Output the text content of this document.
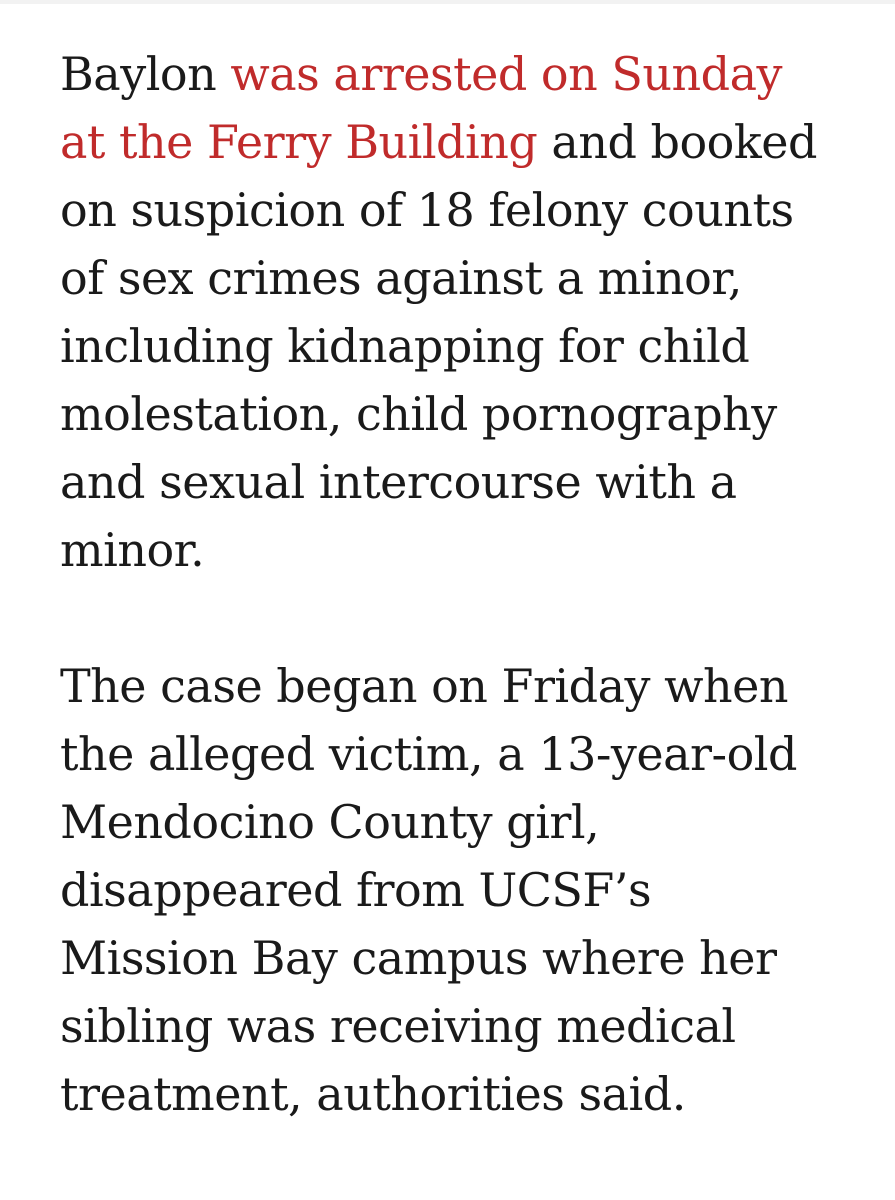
Baylon was arrested on Sunday
at the Ferry Building and booked
on suspicion of 18 felony counts
of sex crimes against a minor,
including kidnapping for child
molestation, child pornography
and sexual intercourse with a
minor.

The case began on Friday when
the alleged victim, a 13-year-old
Mendocino County girl,
disappeared from UCSF’s
Mission Bay campus where her
sibling was receiving medical
treatment, authorities said.
